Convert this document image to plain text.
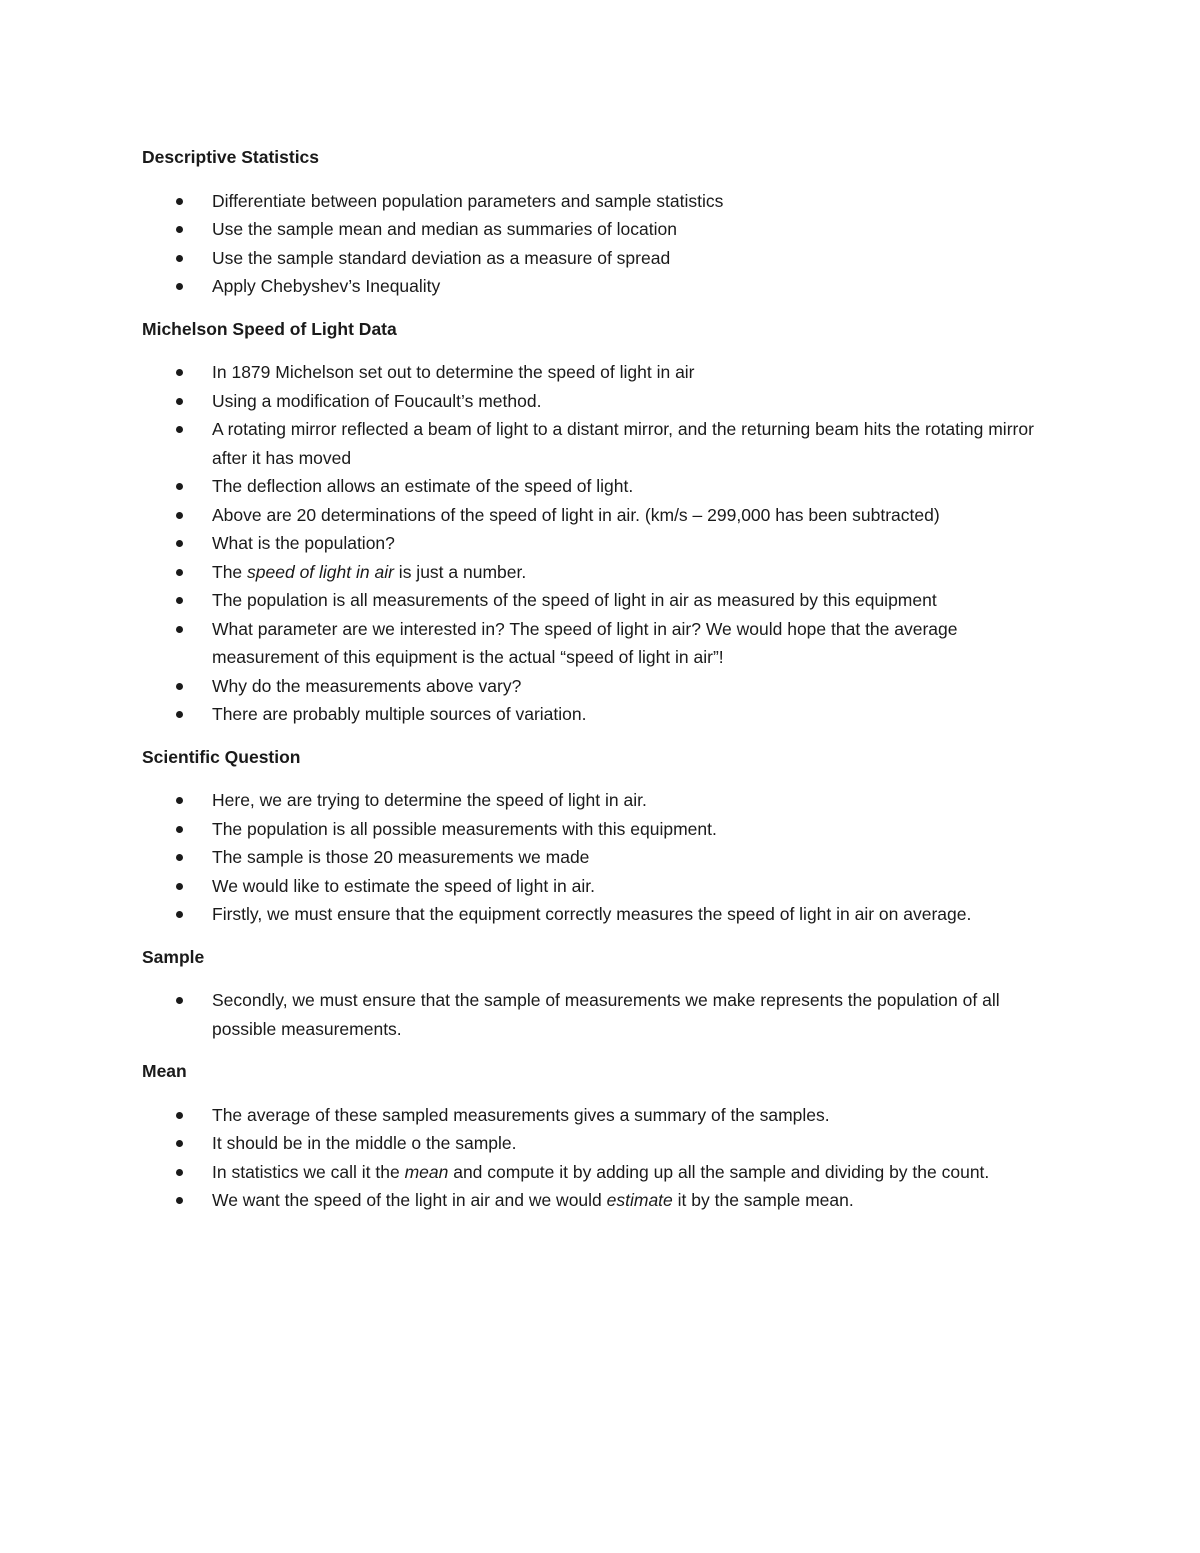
Descriptive Statistics
Differentiate between population parameters and sample statistics
Use the sample mean and median as summaries of location
Use the sample standard deviation as a measure of spread
Apply Chebyshev’s Inequality
Michelson Speed of Light Data
In 1879 Michelson set out to determine the speed of light in air
Using a modification of Foucault’s method.
A rotating mirror reflected a beam of light to a distant mirror, and the returning beam hits the rotating mirror after it has moved
The deflection allows an estimate of the speed of light.
Above are 20 determinations of the speed of light in air. (km/s – 299,000 has been subtracted)
What is the population?
The speed of light in air is just a number.
The population is all measurements of the speed of light in air as measured by this equipment
What parameter are we interested in? The speed of light in air? We would hope that the average measurement of this equipment is the actual “speed of light in air”!
Why do the measurements above vary?
There are probably multiple sources of variation.
Scientific Question
Here, we are trying to determine the speed of light in air.
The population is all possible measurements with this equipment.
The sample is those 20 measurements we made
We would like to estimate the speed of light in air.
Firstly, we must ensure that the equipment correctly measures the speed of light in air on average.
Sample
Secondly, we must ensure that the sample of measurements we make represents the population of all possible measurements.
Mean
The average of these sampled measurements gives a summary of the samples.
It should be in the middle o the sample.
In statistics we call it the mean and compute it by adding up all the sample and dividing by the count.
We want the speed of the light in air and we would estimate it by the sample mean.
